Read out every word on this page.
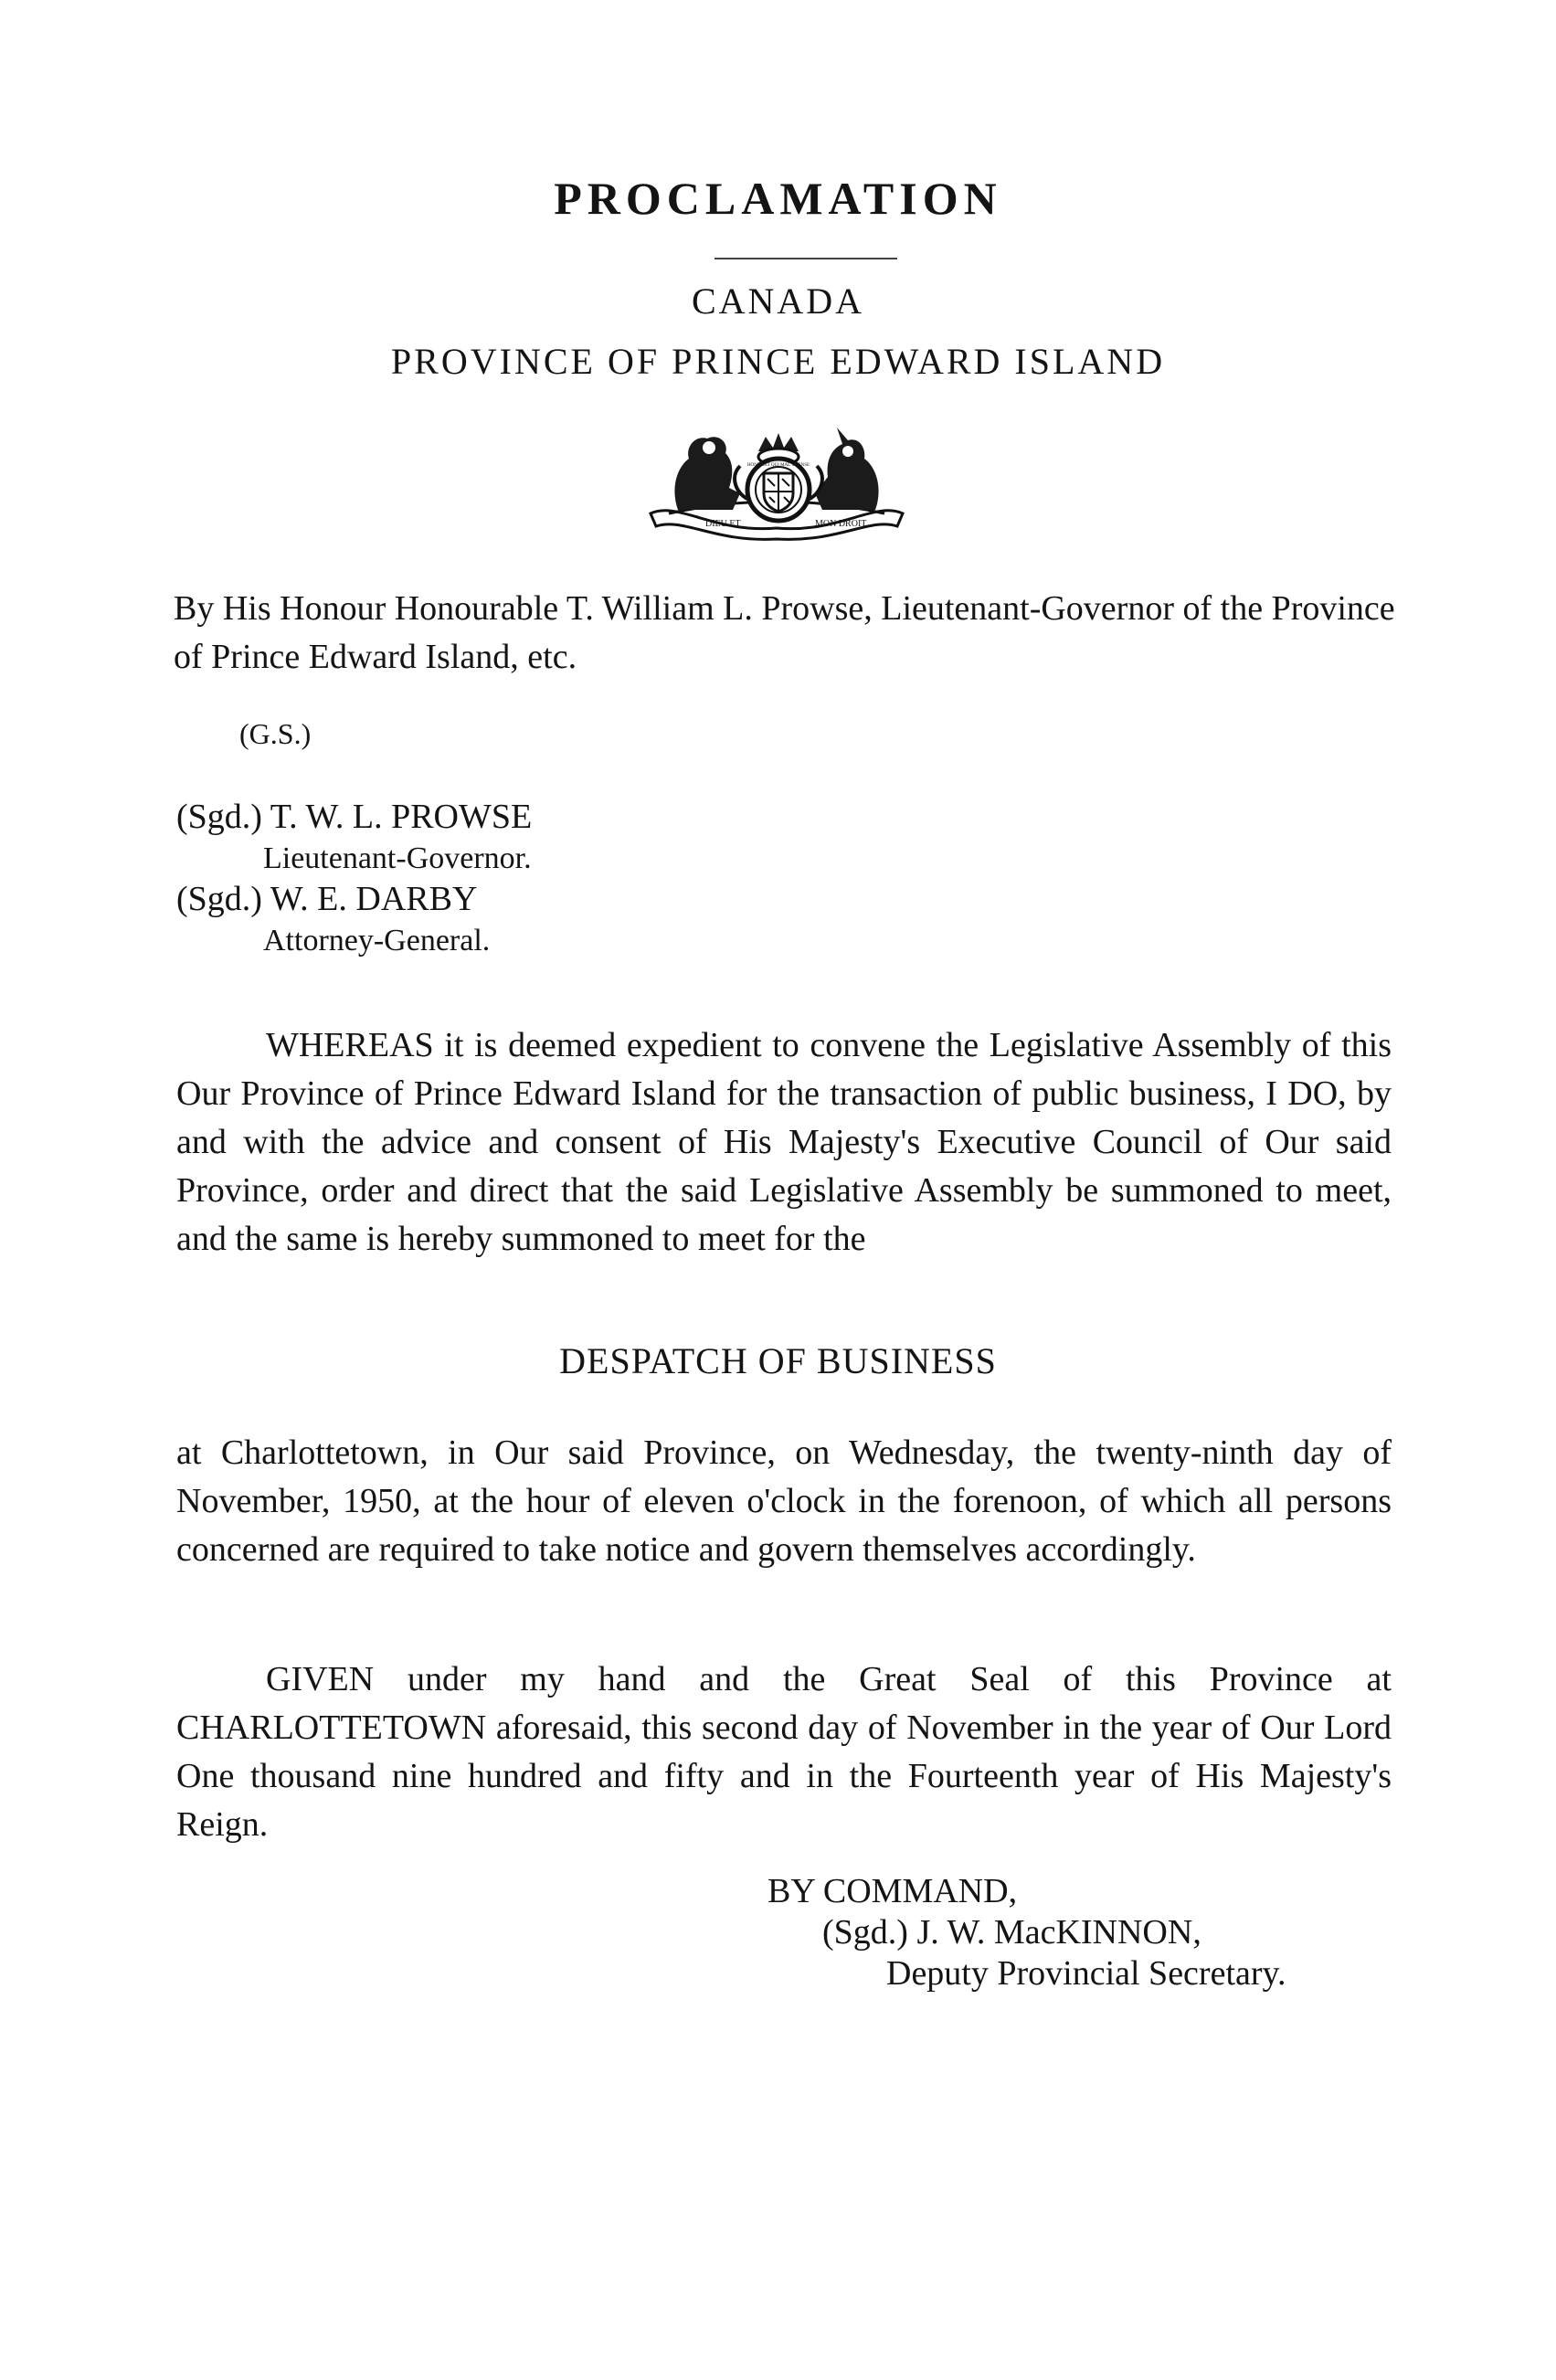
PROCLAMATION
CANADA
PROVINCE OF PRINCE EDWARD ISLAND
DIEU ET	MON DROIT
HONI SOIT QUI MAL Y PENSE

By His Honour Honourable T. William L. Prowse, Lieutenant-Governor of the Province of Prince Edward Island, etc.

(G.S.)
(Sgd.) T. W. L. PROWSE
Lieutenant-Governor.
(Sgd.) W. E. DARBY
Attorney-General.

WHEREAS it is deemed expedient to convene the Legislative Assembly of this Our Province of Prince Edward Island for the transaction of public business, I DO, by and with the advice and consent of His Majesty's Executive Council of Our said Province, order and direct that the said Legislative Assembly be summoned to meet, and the same is hereby summoned to meet for the

DESPATCH OF BUSINESS

at Charlottetown, in Our said Province, on Wednesday, the twenty-ninth day of November, 1950, at the hour of eleven o'clock in the forenoon, of which all persons concerned are required to take notice and govern themselves accordingly.

GIVEN under my hand and the Great Seal of this Province at CHARLOTTETOWN aforesaid, this second day of November in the year of Our Lord One thousand nine hundred and fifty and in the Fourteenth year of His Majesty's Reign.

BY COMMAND,
(Sgd.) J. W. MacKINNON,
Deputy Provincial Secretary.
